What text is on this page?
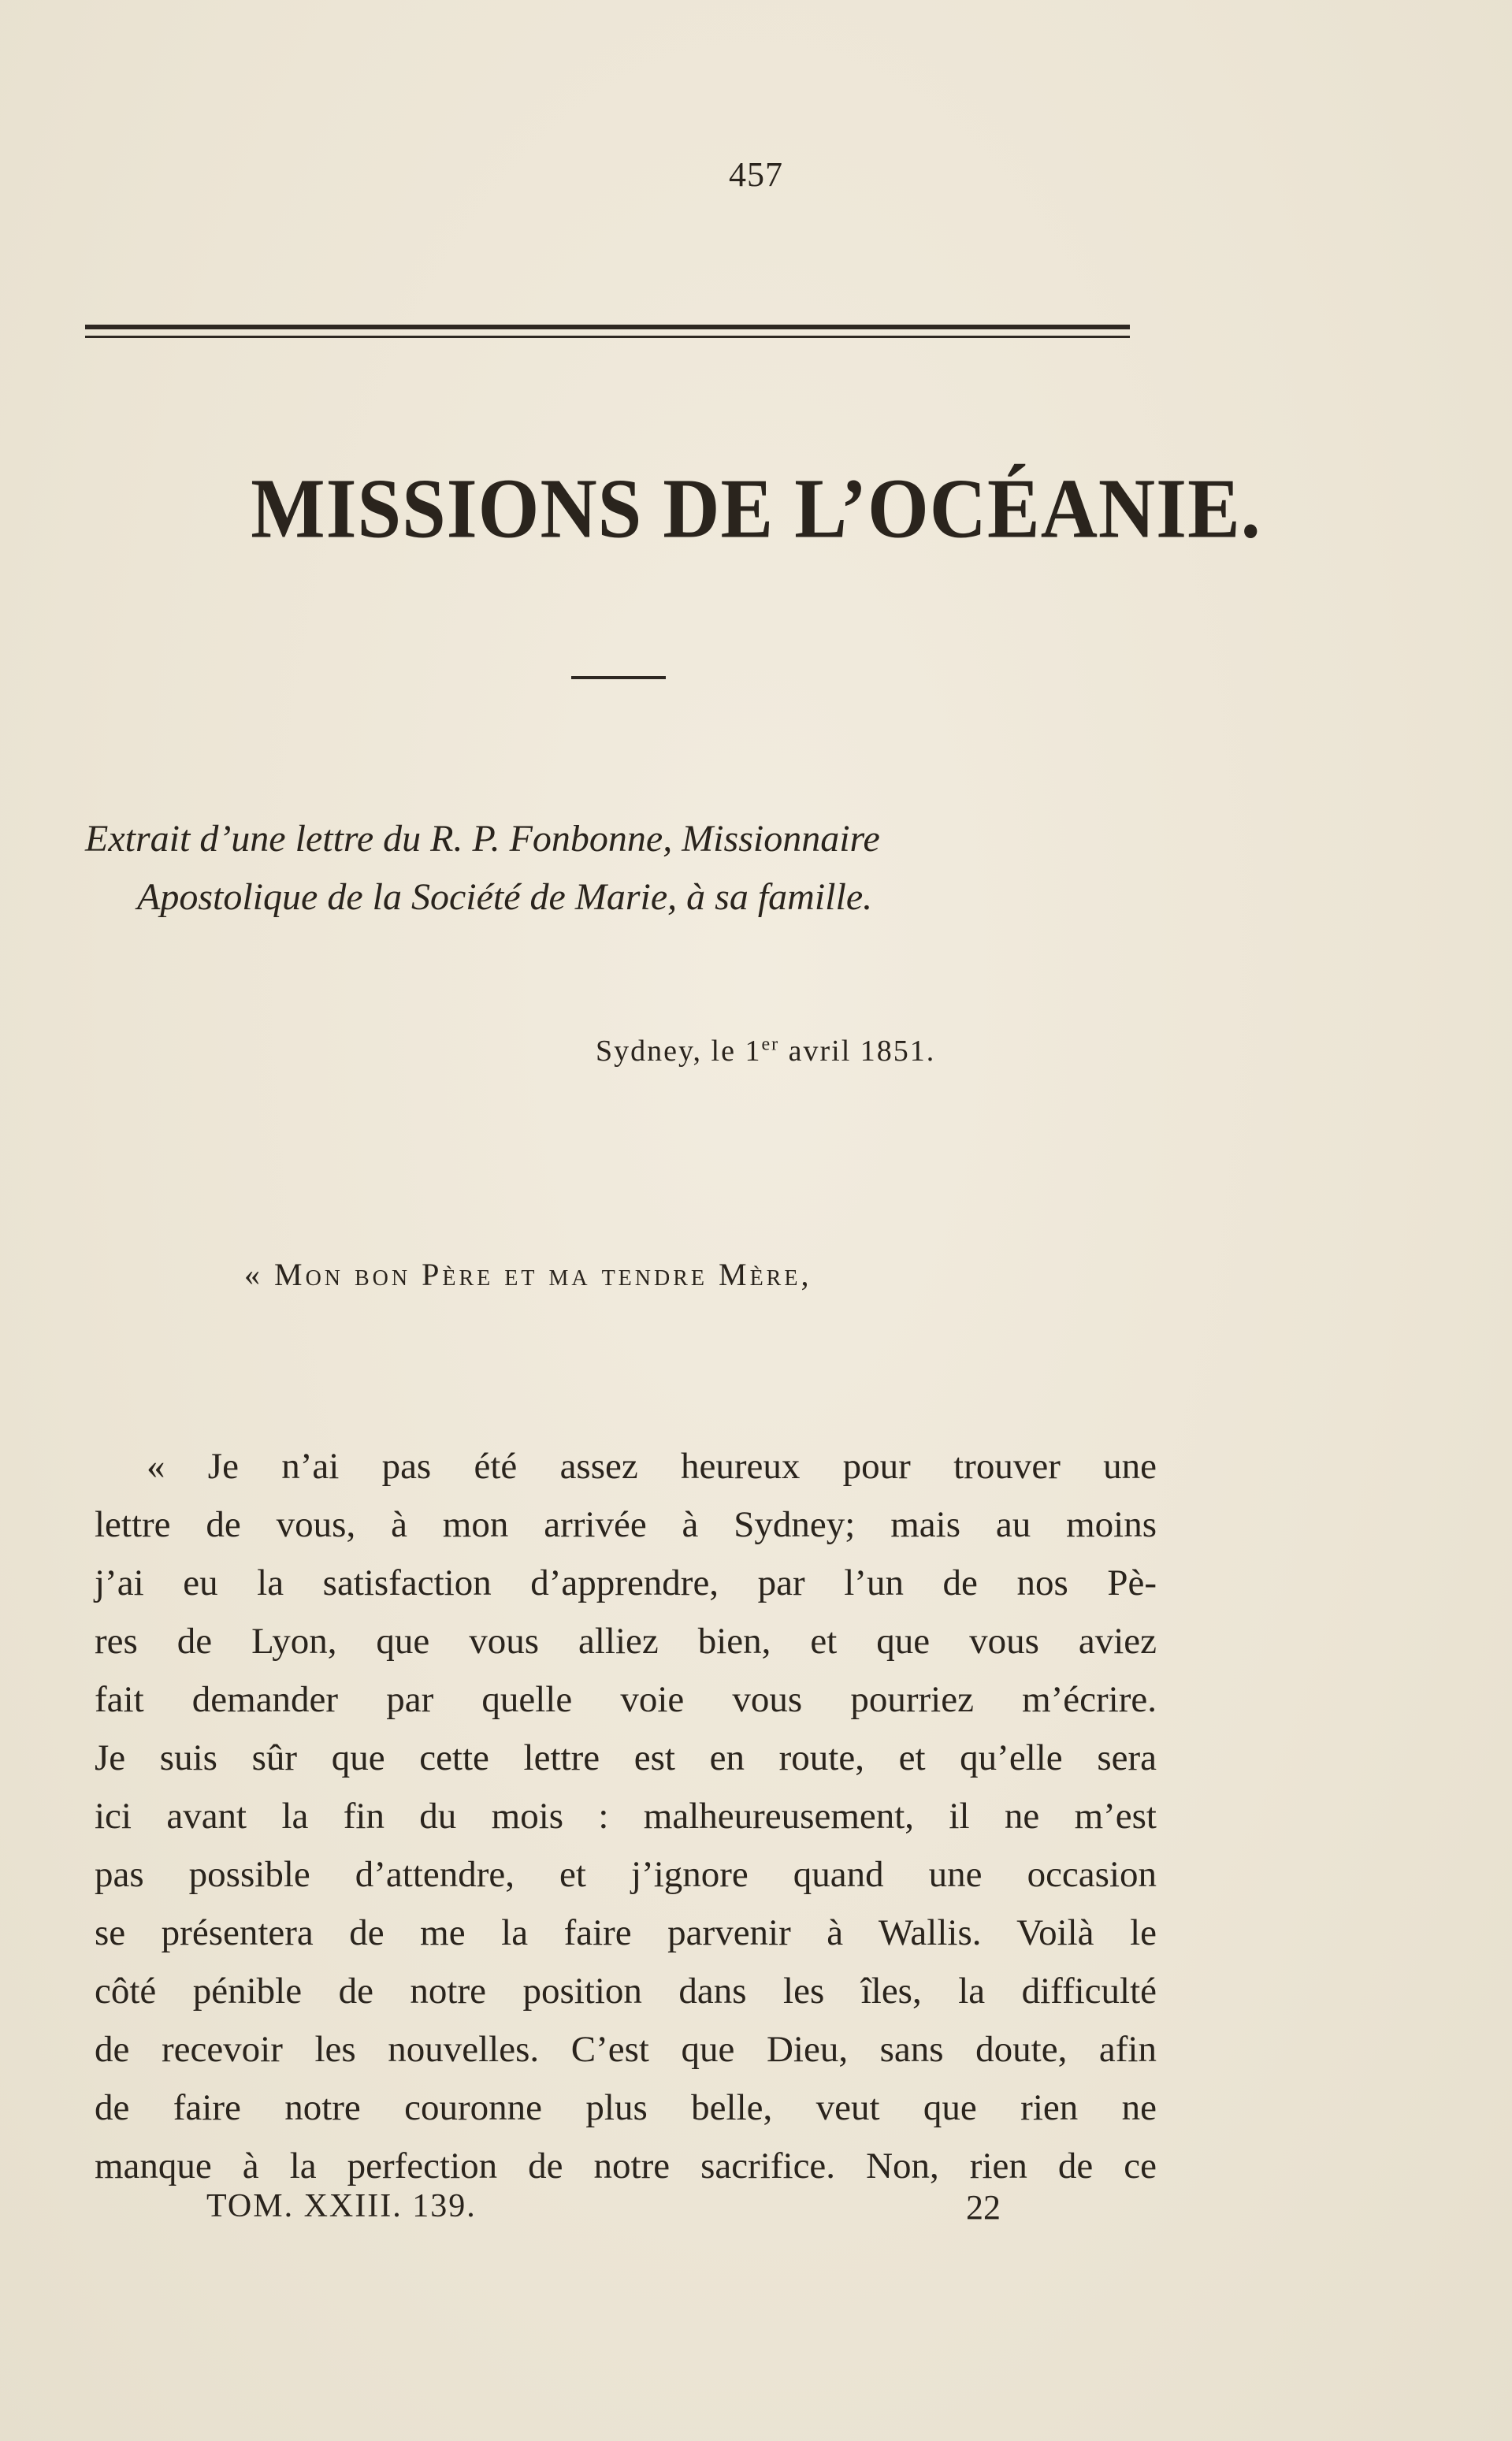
457
MISSIONS DE L’OCÉANIE.
Extrait d’une lettre du R. P. Fonbonne, Missionnaire
Apostolique de la Société de Marie, à sa famille.
Sydney, le 1er avril 1851.
« Mon bon Père et ma tendre Mère,
« Je n’ai pas été assez heureux pour trouver une
lettre de vous, à mon arrivée à Sydney; mais au moins
j’ai eu la satisfaction d’apprendre, par l’un de nos Pè-
res de Lyon, que vous alliez bien, et que vous aviez
fait demander par quelle voie vous pourriez m’écrire.
Je suis sûr que cette lettre est en route, et qu’elle sera
ici avant la fin du mois : malheureusement, il ne m’est
pas possible d’attendre, et j’ignore quand une occasion
se présentera de me la faire parvenir à Wallis. Voilà le
côté pénible de notre position dans les îles, la difficulté
de recevoir les nouvelles. C’est que Dieu, sans doute, afin
de faire notre couronne plus belle, veut que rien ne
manque à la perfection de notre sacrifice. Non, rien de ce
TOM. XXIII. 139.	22
